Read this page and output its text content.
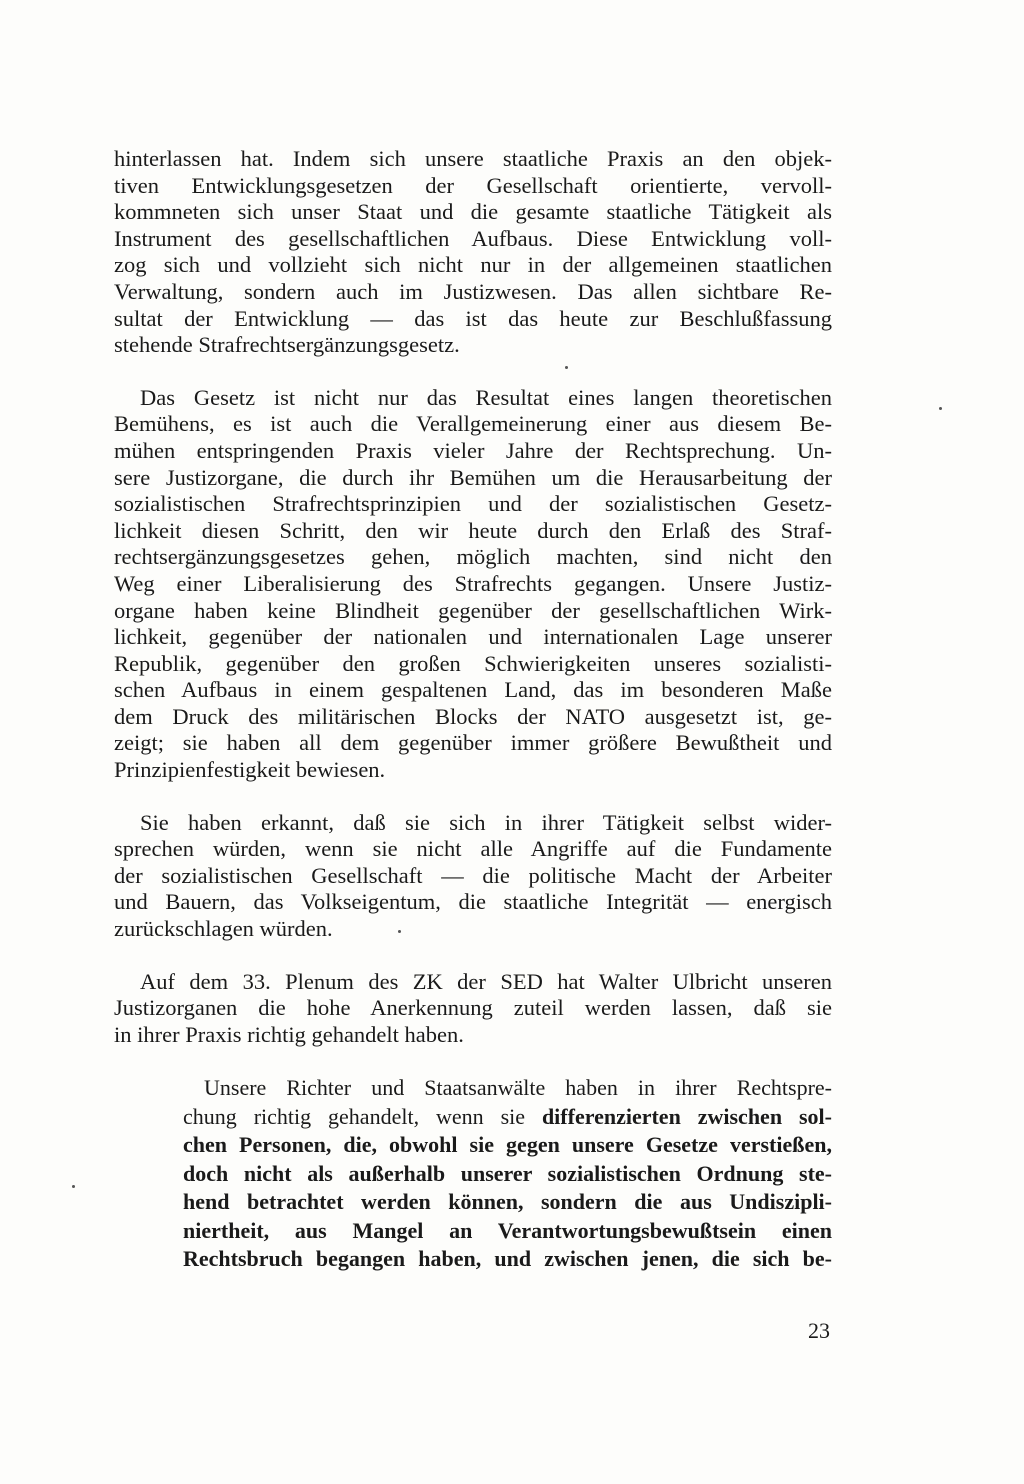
hinterlassen hat. Indem sich unsere staatliche Praxis an den objek-
tiven Entwicklungsgesetzen der Gesellschaft orientierte, vervoll-
kommneten sich unser Staat und die gesamte staatliche Tätigkeit als
Instrument des gesellschaftlichen Aufbaus. Diese Entwicklung voll-
zog sich und vollzieht sich nicht nur in der allgemeinen staatlichen
Verwaltung, sondern auch im Justizwesen. Das allen sichtbare Re-
sultat der Entwicklung — das ist das heute zur Beschlußfassung
stehende Strafrechtsergänzungsgesetz.
Das Gesetz ist nicht nur das Resultat eines langen theoretischen
Bemühens, es ist auch die Verallgemeinerung einer aus diesem Be-
mühen entspringenden Praxis vieler Jahre der Rechtsprechung. Un-
sere Justizorgane, die durch ihr Bemühen um die Herausarbeitung der
sozialistischen Strafrechtsprinzipien und der sozialistischen Gesetz-
lichkeit diesen Schritt, den wir heute durch den Erlaß des Straf-
rechtsergänzungsgesetzes gehen, möglich machten, sind nicht den
Weg einer Liberalisierung des Strafrechts gegangen. Unsere Justiz-
organe haben keine Blindheit gegenüber der gesellschaftlichen Wirk-
lichkeit, gegenüber der nationalen und internationalen Lage unserer
Republik, gegenüber den großen Schwierigkeiten unseres sozialisti-
schen Aufbaus in einem gespaltenen Land, das im besonderen Maße
dem Druck des militärischen Blocks der NATO ausgesetzt ist, ge-
zeigt; sie haben all dem gegenüber immer größere Bewußtheit und
Prinzipienfestigkeit bewiesen.
Sie haben erkannt, daß sie sich in ihrer Tätigkeit selbst wider-
sprechen würden, wenn sie nicht alle Angriffe auf die Fundamente
der sozialistischen Gesellschaft — die politische Macht der Arbeiter
und Bauern, das Volkseigentum, die staatliche Integrität — energisch
zurückschlagen würden.
Auf dem 33. Plenum des ZK der SED hat Walter Ulbricht unseren
Justizorganen die hohe Anerkennung zuteil werden lassen, daß sie
in ihrer Praxis richtig gehandelt haben.
Unsere Richter und Staatsanwälte haben in ihrer Rechtspre-
chung richtig gehandelt, wenn sie differenzierten zwischen sol-
chen Personen, die, obwohl sie gegen unsere Gesetze verstießen,
doch nicht als außerhalb unserer sozialistischen Ordnung ste-
hend betrachtet werden können, sondern die aus Undiszipli-
niertheit, aus Mangel an Verantwortungsbewußtsein einen
Rechtsbruch begangen haben, und zwischen jenen, die sich be-
23
